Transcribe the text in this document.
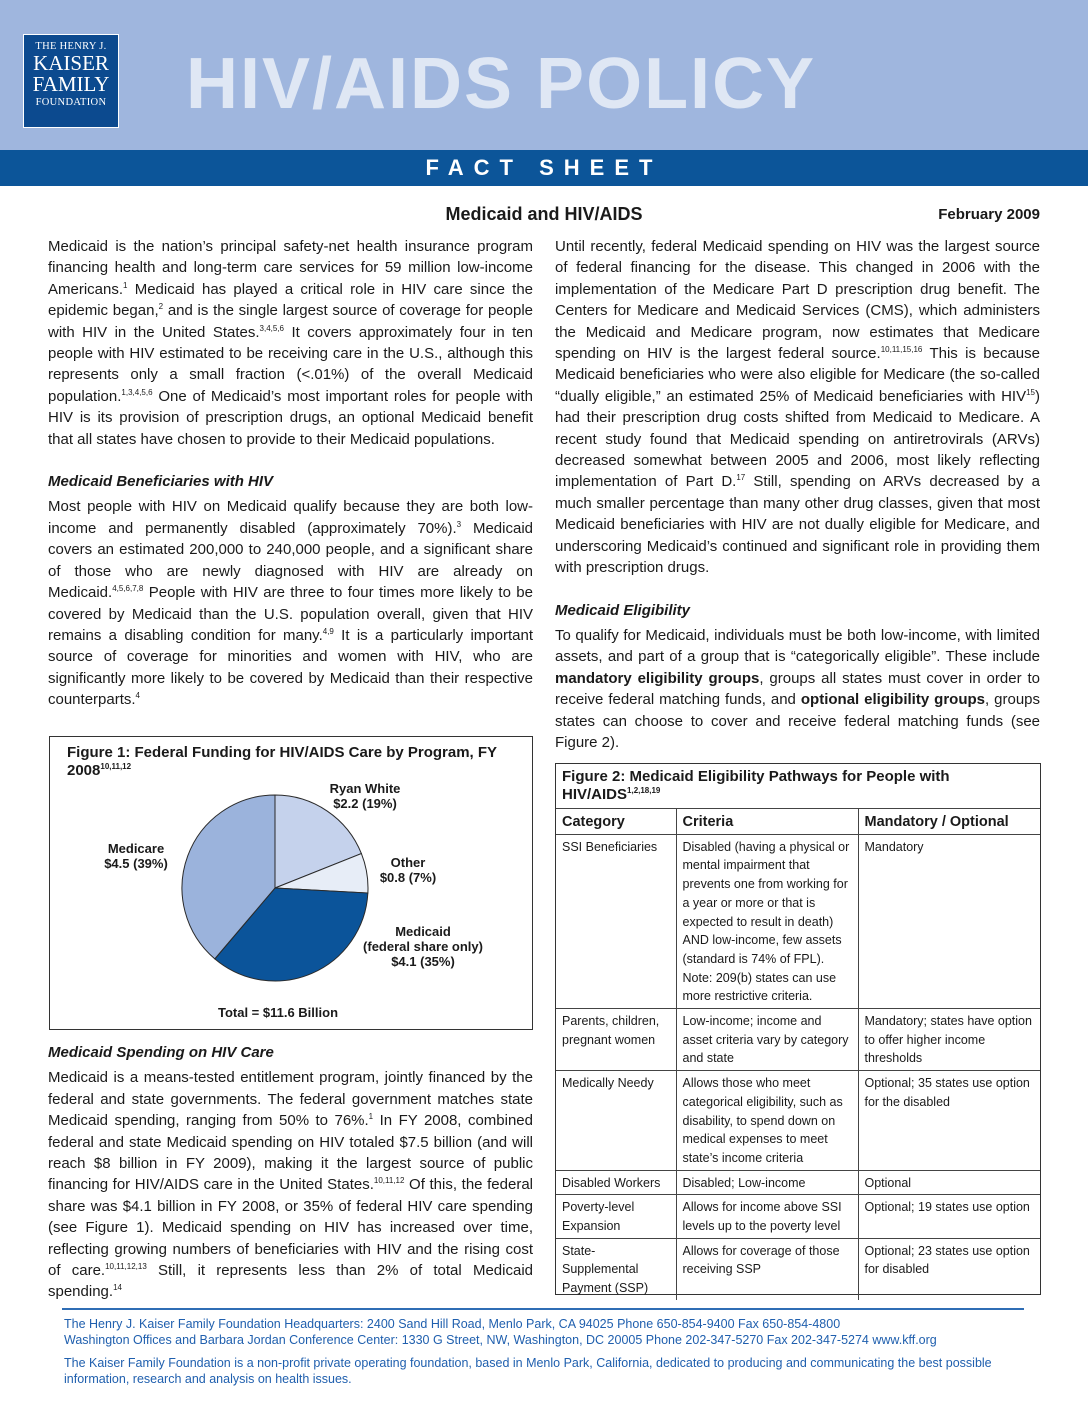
THE HENRY J.
KAISER
FAMILY
FOUNDATION HIV/AIDS POLICY
FACT SHEET
Medicaid and HIV/AIDS	February 2009

Medicaid is the nation’s principal safety-net health insurance program financing health and long-term care services for 59 million low-income Americans.$^1$ Medicaid has played a critical role in HIV care since the epidemic began,$^2$ and is the single largest source of coverage for people with HIV in the United States.$^{3,4,5,6}$ It covers approximately four in ten people with HIV estimated to be receiving care in the U.S., although this represents only a small fraction (<.01%) of the overall Medicaid population.$^{1,3,4,5,6}$ One of Medicaid’s most important roles for people with HIV is its provision of prescription drugs, an optional Medicaid benefit that all states have chosen to provide to their Medicaid populations.

Medicaid Beneficiaries with HIV

Most people with HIV on Medicaid qualify because they are both low-income and permanently disabled (approximately 70%).$^3$ Medicaid covers an estimated 200,000 to 240,000 people, and a significant share of those who are newly diagnosed with HIV are already on Medicaid.$^{4,5,6,7,8}$ People with HIV are three to four times more likely to be covered by Medicaid than the U.S. population overall, given that HIV remains a disabling condition for many.$^{4,9}$ It is a particularly important source of coverage for minorities and women with HIV, who are significantly more likely to be covered by Medicaid than their respective counterparts.$^4$

Figure 1: Federal Funding for HIV/AIDS Care by Program, FY 2008$^{10,11,12}$
Ryan White
$2.2 (19%)
Other
$0.8 (7%)
Medicaid
(federal share only)
$4.1 (35%)
Medicare
$4.5 (39%)
Total = $11.6 Billion
Medicaid Spending on HIV Care

Medicaid is a means-tested entitlement program, jointly financed by the federal and state governments. The federal government matches state Medicaid spending, ranging from 50% to 76%.$^1$ In FY 2008, combined federal and state Medicaid spending on HIV totaled $7.5 billion (and will reach $8 billion in FY 2009), making it the largest source of public financing for HIV/AIDS care in the United States.$^{10,11,12}$ Of this, the federal share was $4.1 billion in FY 2008, or 35% of federal HIV care spending (see Figure 1). Medicaid spending on HIV has increased over time, reflecting growing numbers of beneficiaries with HIV and the rising cost of care.$^{10,11,12,13}$ Still, it represents less than 2% of total Medicaid spending.$^{14}$

Until recently, federal Medicaid spending on HIV was the largest source of federal financing for the disease. This changed in 2006 with the implementation of the Medicare Part D prescription drug benefit. The Centers for Medicare and Medicaid Services (CMS), which administers the Medicaid and Medicare program, now estimates that Medicare spending on HIV is the largest federal source.$^{10,11,15,16}$ This is because Medicaid beneficiaries who were also eligible for Medicare (the so-called “dually eligible,” an estimated 25% of Medicaid beneficiaries with HIV$^{15}$) had their prescription drug costs shifted from Medicaid to Medicare. A recent study found that Medicaid spending on antiretrovirals (ARVs) decreased somewhat between 2005 and 2006, most likely reflecting implementation of Part D.$^{17}$ Still, spending on ARVs decreased by a much smaller percentage than many other drug classes, given that most Medicaid beneficiaries with HIV are not dually eligible for Medicare, and underscoring Medicaid’s continued and significant role in providing them with prescription drugs.

Medicaid Eligibility

To qualify for Medicaid, individuals must be both low-income, with limited assets, and part of a group that is “categorically eligible”. These include mandatory eligibility groups, groups all states must cover in order to receive federal matching funds, and optional eligibility groups, groups states can choose to cover and receive federal matching funds (see Figure 2).

Figure 2: Medicaid Eligibility Pathways for People with HIV/AIDS$^{1,2,18,19}$
Category	Criteria	Mandatory / Optional
SSI Beneficiaries	Disabled (having a physical or mental impairment that prevents one from working for a year or more or that is expected to result in death) AND low-income, few assets (standard is 74% of FPL). Note: 209(b) states can use more restrictive criteria.	Mandatory
Parents, children, pregnant women	Low-income; income and asset criteria vary by category and state	Mandatory; states have option to offer higher income thresholds
Medically Needy	Allows those who meet categorical eligibility, such as disability, to spend down on medical expenses to meet state’s income criteria	Optional; 35 states use option for the disabled
Disabled Workers	Disabled; Low-income	Optional
Poverty-level Expansion	Allows for income above SSI levels up to the poverty level	Optional; 19 states use option
State-Supplemental Payment (SSP)	Allows for coverage of those receiving SSP	Optional; 23 states use option for disabled
The Henry J. Kaiser Family Foundation Headquarters: 2400 Sand Hill Road, Menlo Park, CA 94025 Phone 650-854-9400 Fax 650-854-4800
Washington Offices and Barbara Jordan Conference Center: 1330 G Street, NW, Washington, DC 20005 Phone 202-347-5270 Fax 202-347-5274 www.kff.org
The Kaiser Family Foundation is a non-profit private operating foundation, based in Menlo Park, California, dedicated to producing and communicating the best possible information, research and analysis on health issues.
